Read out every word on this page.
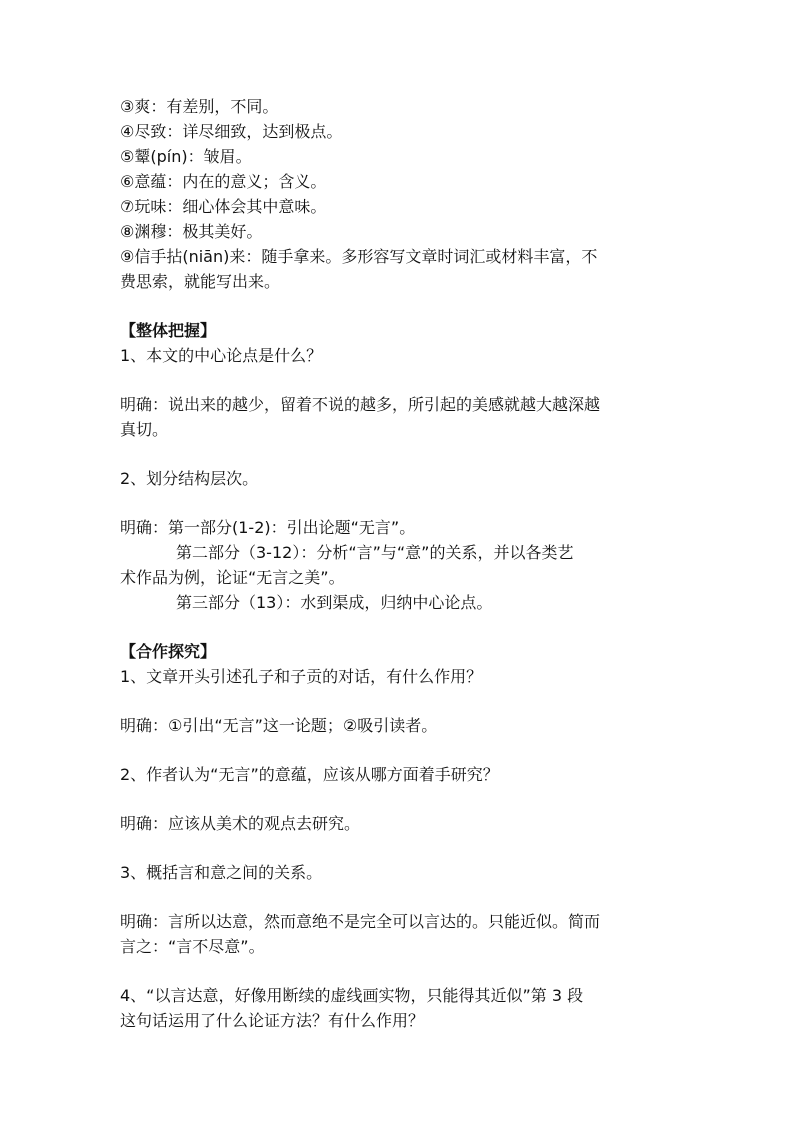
③爽：有差别，不同。
④尽致：详尽细致，达到极点。
⑤颦(pín)：皱眉。
⑥意蕴：内在的意义；含义。
⑦玩味：细心体会其中意味。
⑧渊穆：极其美好。
⑨信手拈(niān)来：随手拿来。多形容写文章时词汇或材料丰富，不
费思索，就能写出来。
【整体把握】
1、本文的中心论点是什么？
明确：说出来的越少，留着不说的越多，所引起的美感就越大越深越
真切。
2、划分结构层次。
明确：第一部分(1-2)：引出论题“无言”。
第二部分（3-12）：分析“言”与“意”的关系，并以各类艺
术作品为例，论证“无言之美”。
第三部分（13）：水到渠成，归纳中心论点。
【合作探究】
1、文章开头引述孔子和子贡的对话，有什么作用？
明确：①引出“无言”这一论题；②吸引读者。
2、作者认为“无言”的意蕴，应该从哪方面着手研究？
明确：应该从美术的观点去研究。
3、概括言和意之间的关系。
明确：言所以达意，然而意绝不是完全可以言达的。只能近似。简而
言之：“言不尽意”。
4、“以言达意，好像用断续的虚线画实物，只能得其近似”第 3 段
这句话运用了什么论证方法？有什么作用？
